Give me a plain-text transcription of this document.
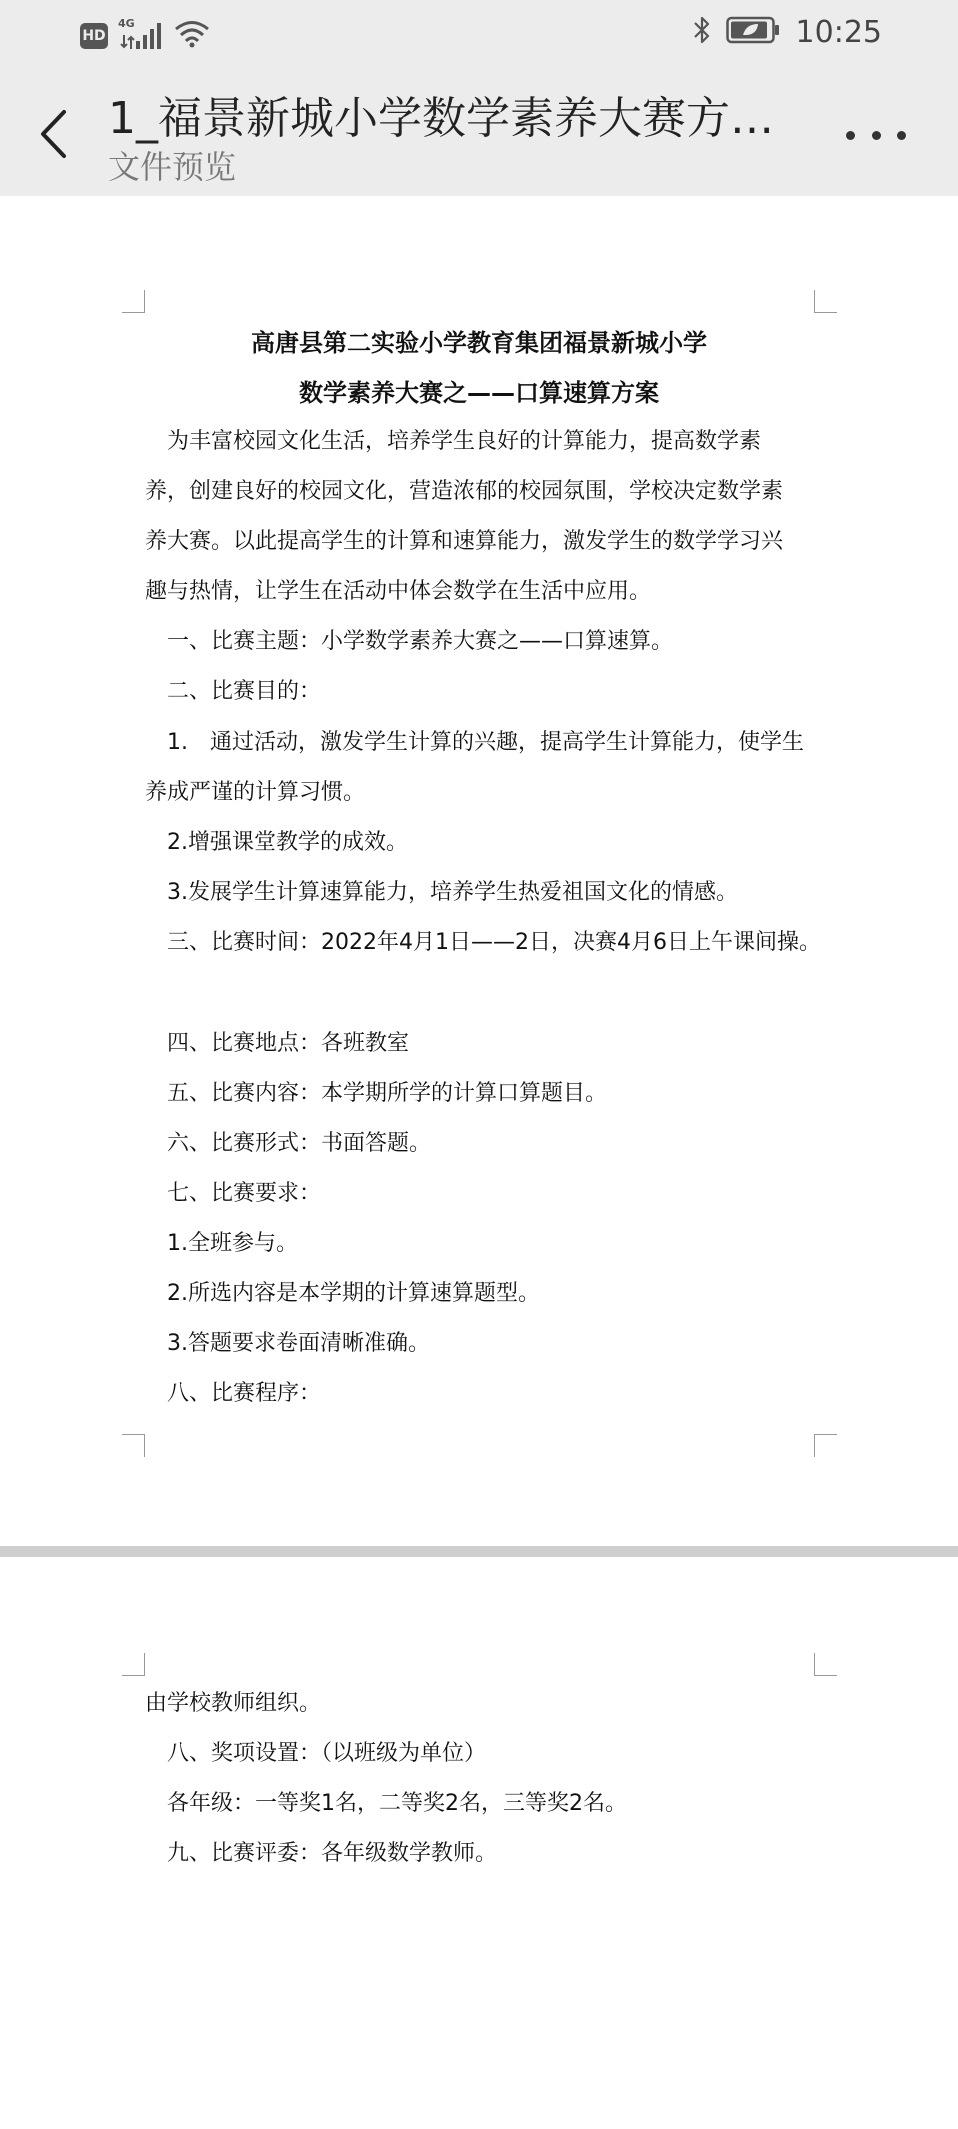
HD
4G	10:25
1_福景新城小学数学素养大赛方…
文件预览
高唐县第二实验小学教育集团福景新城小学
数学素养大赛之——口算速算方案
为丰富校园文化生活，培养学生良好的计算能力，提高数学素
养，创建良好的校园文化，营造浓郁的校园氛围，学校决定数学素
养大赛。以此提高学生的计算和速算能力，激发学生的数学学习兴
趣与热情，让学生在活动中体会数学在生活中应用。
一、比赛主题：小学数学素养大赛之——口算速算。
二、比赛目的：
1.　通过活动，激发学生计算的兴趣，提高学生计算能力，使学生
养成严谨的计算习惯。
2.增强课堂教学的成效。
3.发展学生计算速算能力，培养学生热爱祖国文化的情感。
三、比赛时间：2022年4月1日——2日，决赛4月6日上午课间操。
四、比赛地点：各班教室
五、比赛内容：本学期所学的计算口算题目。
六、比赛形式：书面答题。
七、比赛要求：
1.全班参与。
2.所选内容是本学期的计算速算题型。
3.答题要求卷面清晰准确。
八、比赛程序：
由学校教师组织。
八、奖项设置：（以班级为单位）
各年级：一等奖1名，二等奖2名，三等奖2名。
九、比赛评委：各年级数学教师。
